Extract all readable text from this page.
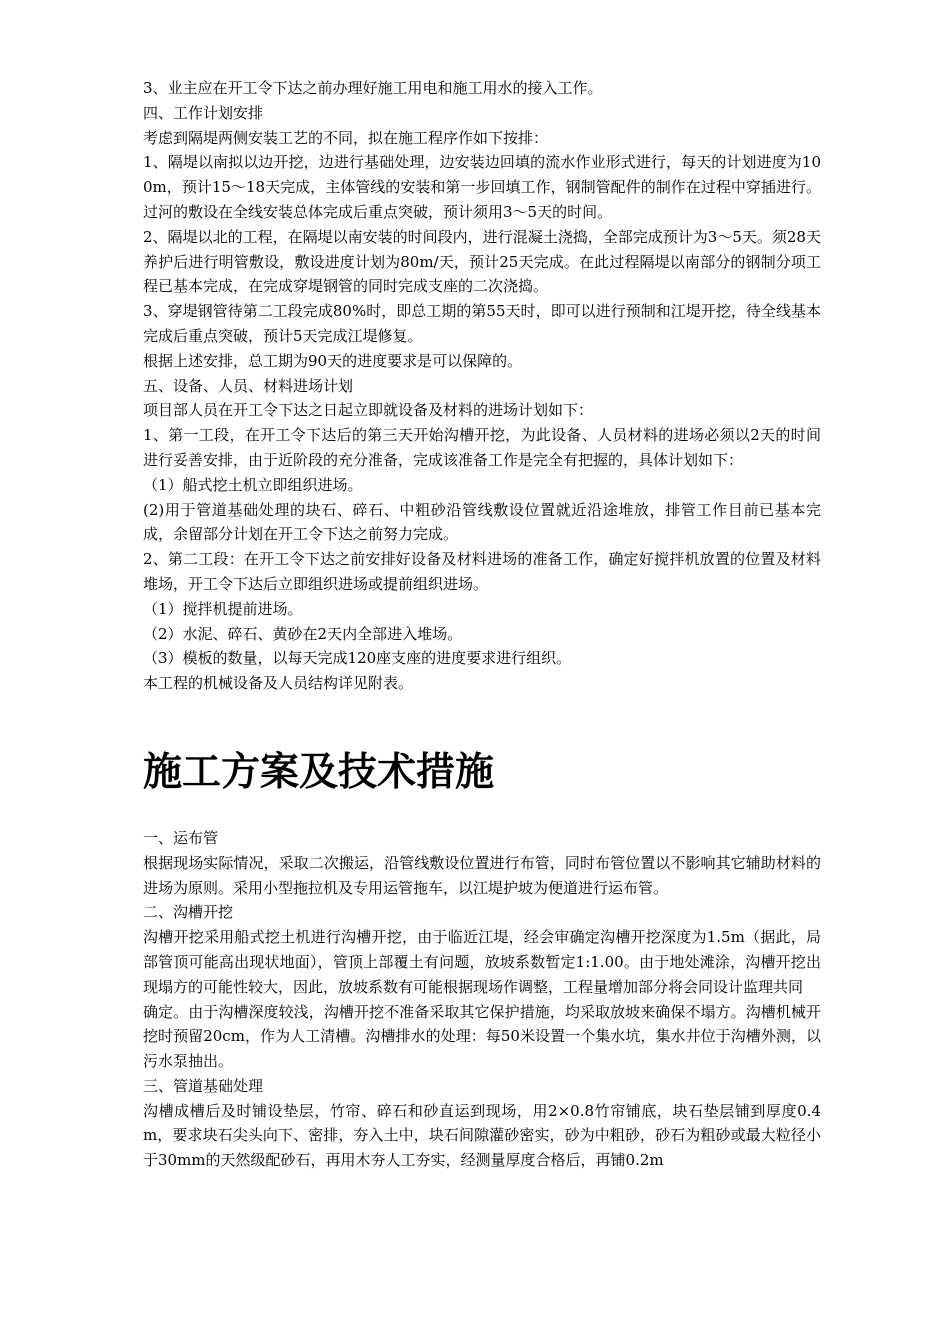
3、业主应在开工令下达之前办理好施工用电和施工用水的接入工作。

四、工作计划安排

考虑到隔堤两侧安装工艺的不同，拟在施工程序作如下按排：

1、隔堤以南拟以边开挖，边进行基础处理，边安装边回填的流水作业形式进行，每天的计划进度为100m，预计15～18天完成，主体管线的安装和第一步回填工作，钢制管配件的制作在过程中穿插进行。过河的敷设在全线安装总体完成后重点突破，预计须用3～5天的时间。

2、隔堤以北的工程，在隔堤以南安装的时间段内，进行混凝土浇捣，全部完成预计为3～5天。须28天养护后进行明管敷设，敷设进度计划为80m/天，预计25天完成。在此过程隔堤以南部分的钢制分项工程已基本完成，在完成穿堤钢管的同时完成支座的二次浇捣。

3、穿堤钢管待第二工段完成80%时，即总工期的第55天时，即可以进行预制和江堤开挖，待全线基本完成后重点突破，预计5天完成江堤修复。

根据上述安排，总工期为90天的进度要求是可以保障的。

五、设备、人员、材料进场计划

项目部人员在开工令下达之日起立即就设备及材料的进场计划如下：

1、第一工段，在开工令下达后的第三天开始沟槽开挖，为此设备、人员材料的进场必须以2天的时间进行妥善安排，由于近阶段的充分准备，完成该准备工作是完全有把握的，具体计划如下：

（1）船式挖土机立即组织进场。

(2)用于管道基础处理的块石、碎石、中粗砂沿管线敷设位置就近沿途堆放，排管工作目前已基本完成，余留部分计划在开工令下达之前努力完成。

2、第二工段：在开工令下达之前安排好设备及材料进场的准备工作，确定好搅拌机放置的位置及材料堆场，开工令下达后立即组织进场或提前组织进场。

（1）搅拌机提前进场。

（2）水泥、碎石、黄砂在2天内全部进入堆场。

（3）模板的数量，以每天完成120座支座的进度要求进行组织。

本工程的机械设备及人员结构详见附表。

施工方案及技术措施

一、运布管

根据现场实际情况，采取二次搬运，沿管线敷设位置进行布管，同时布管位置以不影响其它辅助材料的进场为原则。采用小型拖拉机及专用运管拖车，以江堤护坡为便道进行运布管。

二、沟槽开挖

沟槽开挖采用船式挖土机进行沟槽开挖，由于临近江堤，经会审确定沟槽开挖深度为1.5m（据此，局部管顶可能高出现状地面），管顶上部覆土有问题，放坡系数暂定1:1.00。由于地处滩涂，沟槽开挖出现塌方的可能性较大，因此，放坡系数有可能根据现场作调整，工程量增加部分将会同设计监理共同

确定。由于沟槽深度较浅，沟槽开挖不准备采取其它保护措施，均采取放坡来确保不塌方。沟槽机械开挖时预留20cm，作为人工清槽。沟槽排水的处理：每50米设置一个集水坑，集水井位于沟槽外测，以污水泵抽出。

三、管道基础处理

沟槽成槽后及时铺设垫层，竹帘、碎石和砂直运到现场，用2×0.8竹帘铺底，块石垫层铺到厚度0.4m，要求块石尖头向下、密排，夯入土中，块石间隙灌砂密实，砂为中粗砂，砂石为粗砂或最大粒径小于30mm的天然级配砂石，再用木夯人工夯实，经测量厚度合格后，再铺0.2m
